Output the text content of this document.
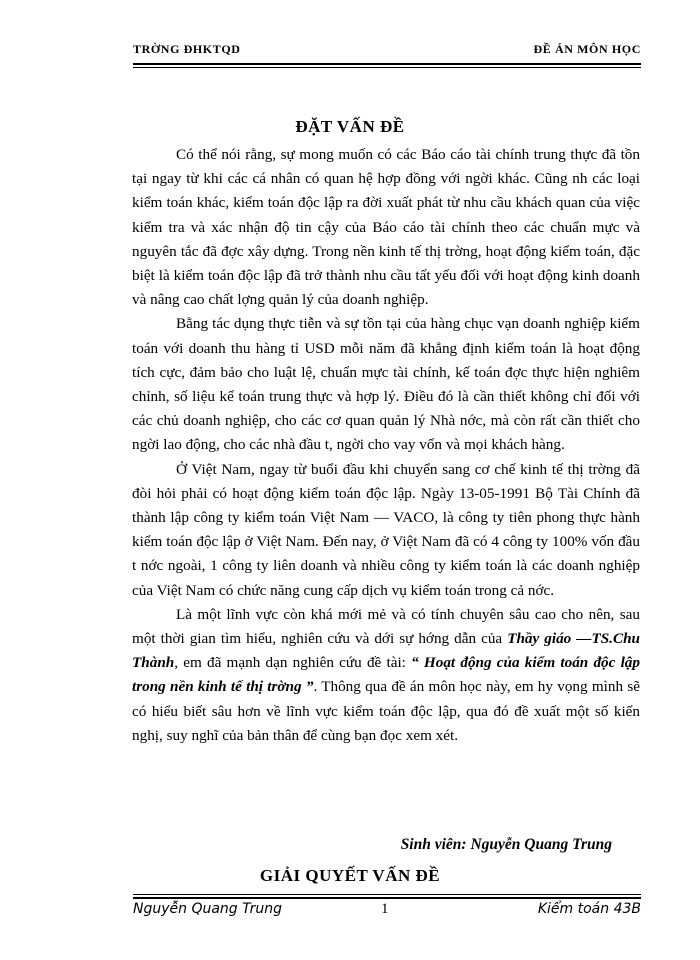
TRỜNG ĐHKTQD	ĐỀ ÁN MÔN HỌC
ĐẶT VẤN ĐỀ

Có thể nói rằng, sự mong muốn có các Báo cáo tài chính trung thực đã tồn tại ngay từ khi các cá nhân có quan hệ hợp đồng với ngời khác. Cũng nh các loại kiểm toán khác, kiểm toán độc lập ra đời xuất phát từ nhu cầu khách quan của việc kiểm tra và xác nhận độ tin cậy của Báo cáo tài chính theo các chuẩn mực và nguyên tắc đã đợc xây dựng. Trong nền kinh tế thị trờng, hoạt động kiểm toán, đặc biệt là kiểm toán độc lập đã trở thành nhu cầu tất yếu đối với hoạt động kinh doanh và nâng cao chất lợng quản lý của doanh nghiệp.

Bằng tác dụng thực tiễn và sự tồn tại của hàng chục vạn doanh nghiệp kiểm toán với doanh thu hàng tỉ USD mỗi năm đã khẳng định kiểm toán là hoạt động tích cực, đảm bảo cho luật lệ, chuẩn mực tài chính, kế toán đợc thực hiện nghiêm chỉnh, số liệu kế toán trung thực và hợp lý. Điều đó là cần thiết không chỉ đối với các chủ doanh nghiệp, cho các cơ quan quản lý Nhà nớc, mà còn rất cần thiết cho ngời lao động, cho các nhà đầu t, ngời cho vay vốn và mọi khách hàng.

Ở Việt Nam, ngay từ buổi đầu khi chuyển sang cơ chế kinh tế thị trờng đã đòi hỏi phải có hoạt động kiểm toán độc lập. Ngày 13-05-1991 Bộ Tài Chính đã thành lập công ty kiểm toán Việt Nam — VACO, là công ty tiên phong thực hành kiểm toán độc lập ở Việt Nam. Đến nay, ở Việt Nam đã có 4 công ty 100% vốn đầu t nớc ngoài, 1 công ty liên doanh và nhiều công ty kiểm toán là các doanh nghiệp của Việt Nam có chức năng cung cấp dịch vụ kiểm toán trong cả nớc.

Là một lĩnh vực còn khá mới mẻ và có tính chuyên sâu cao cho nên, sau một thời gian tìm hiểu, nghiên cứu và dới sự hớng dẫn của Thầy giáo —TS.Chu Thành, em đã mạnh dạn nghiên cứu đề tài: “ Hoạt động của kiểm toán độc lập trong nền kinh tế thị trờng ”. Thông qua đề án môn học này, em hy vọng mình sẽ có hiểu biết sâu hơn về lĩnh vực kiểm toán độc lập, qua đó đề xuất một số kiến nghị, suy nghĩ của bản thân để cùng bạn đọc xem xét.

Sinh viên: Nguyễn Quang Trung
GIẢI QUYẾT VẤN ĐỀ
Nguyễn Quang Trung	1	Kiểm toán 43B
